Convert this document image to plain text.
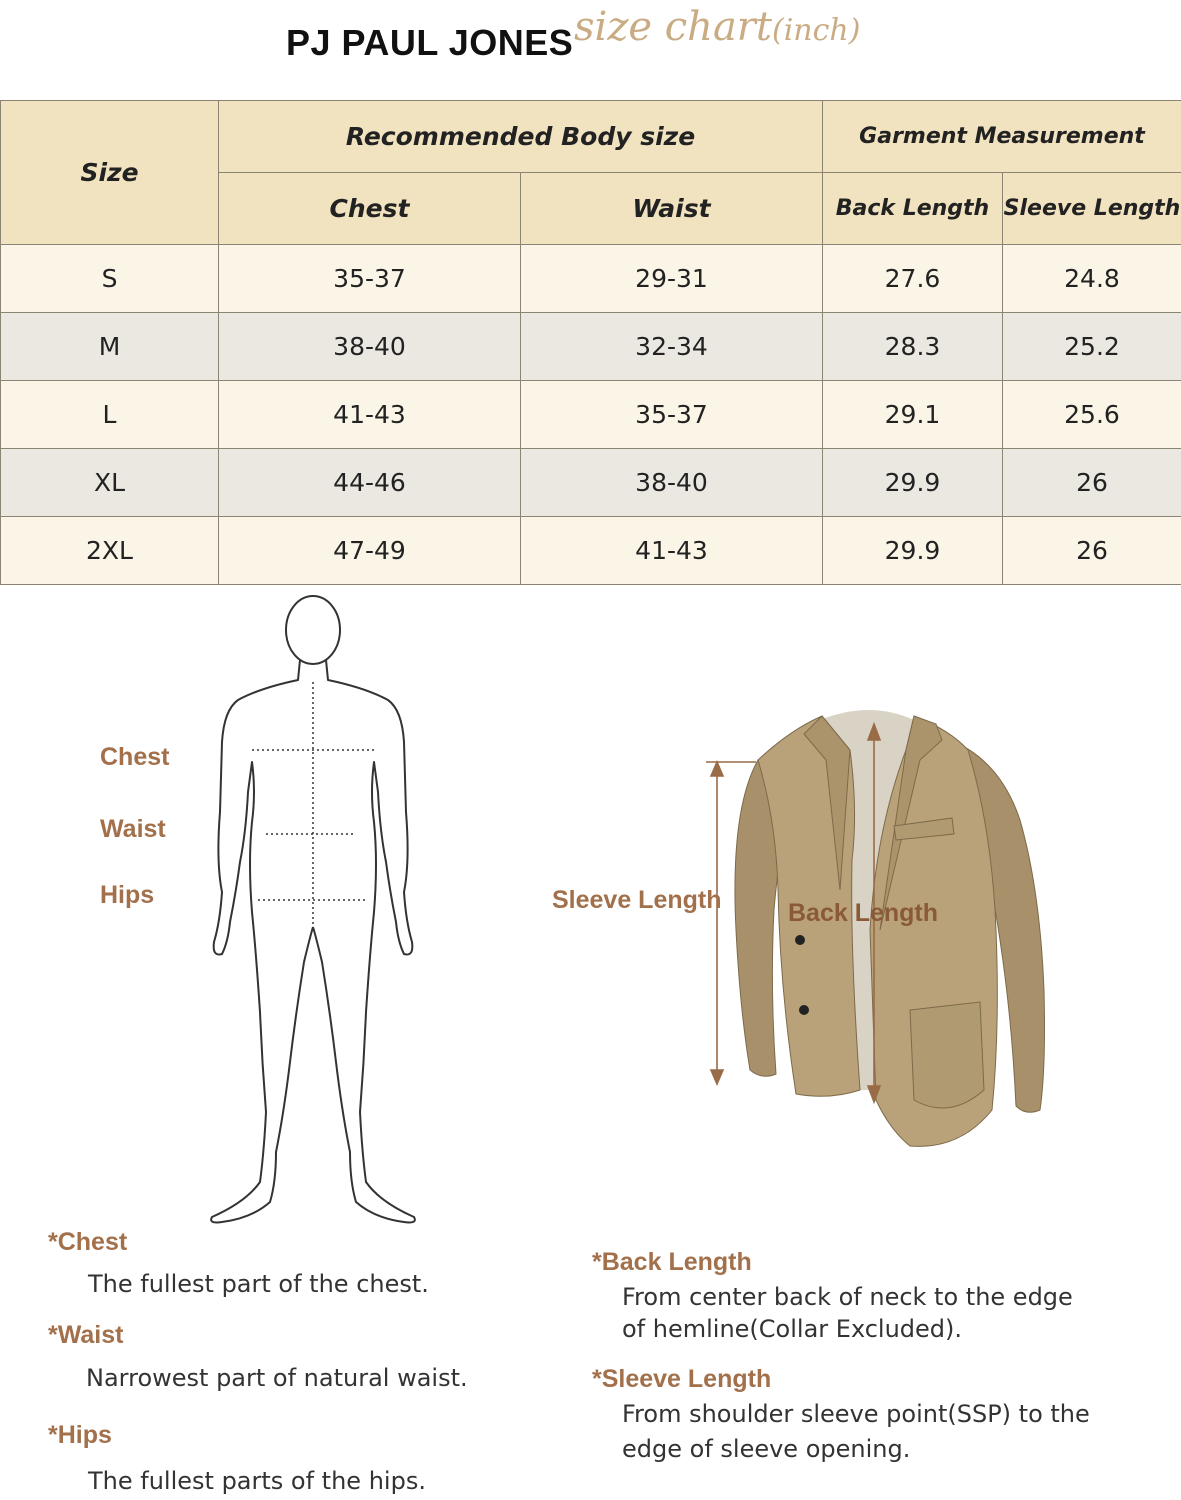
PJ PAUL JONES size chart(inch)
Size	Recommended Body size		Garment Measurement	
	Chest	Waist	Back Length	Sleeve Length
S	35-37	29-31	27.6	24.8
M	38-40	32-34	28.3	25.2
L	41-43	35-37	29.1	25.6
XL	44-46	38-40	29.9	26
2XL	47-49	41-43	29.9	26
Chest
Waist
Hips	Sleeve Length	Back Length
*Chest
The fullest part of the chest.
*Waist
Narrowest part of natural waist.
*Hips
The fullest parts of the hips.
*Back Length
From center back of neck to the edge
of hemline(Collar Excluded).
*Sleeve Length
From shoulder sleeve point(SSP) to the
edge of sleeve opening.
